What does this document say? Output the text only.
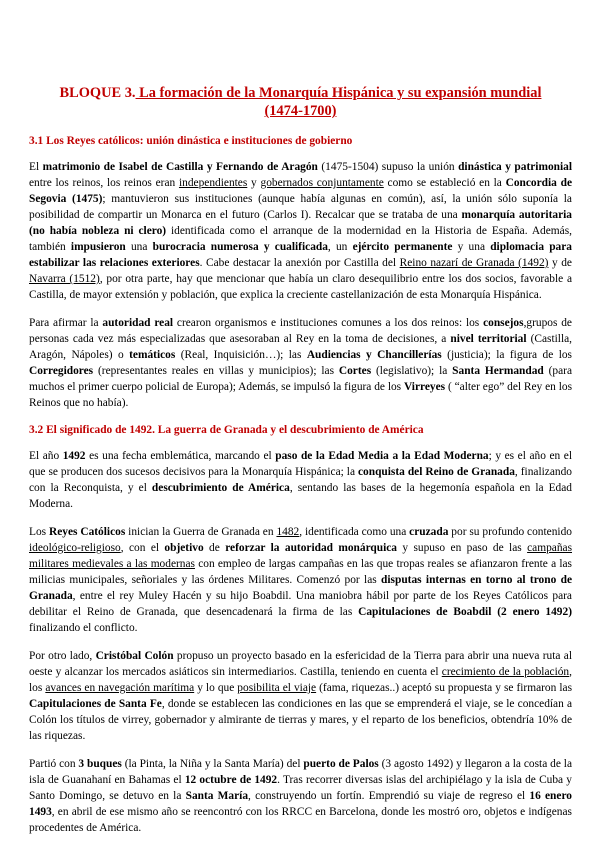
BLOQUE 3. La formación de la Monarquía Hispánica y su expansión mundial
(1474-1700)
3.1 Los Reyes católicos: unión dinástica e instituciones de gobierno

El matrimonio de Isabel de Castilla y Fernando de Aragón (1475-1504) supuso la unión dinástica y patrimonial entre los reinos, los reinos eran independientes y gobernados conjuntamente como se estableció en la Concordia de Segovia (1475); mantuvieron sus instituciones (aunque había algunas en común), así, la unión sólo suponía la posibilidad de compartir un Monarca en el futuro (Carlos I). Recalcar que se trataba de una monarquía autoritaria (no había nobleza ni clero) identificada como el arranque de la modernidad en la Historia de España. Además, también impusieron una burocracia numerosa y cualificada, un ejército permanente y una diplomacia para estabilizar las relaciones exteriores. Cabe destacar la anexión por Castilla del Reino nazarí de Granada (1492) y de Navarra (1512), por otra parte, hay que mencionar que había un claro desequilibrio entre los dos socios, favorable a Castilla, de mayor extensión y población, que explica la creciente castellanización de esta Monarquía Hispánica.

Para afirmar la autoridad real crearon organismos e instituciones comunes a los dos reinos: los consejos,grupos de personas cada vez más especializadas que asesoraban al Rey en la toma de decisiones, a nivel territorial (Castilla, Aragón, Nápoles) o temáticos (Real, Inquisición…); las Audiencias y Chancillerías (justicia); la figura de los Corregidores (representantes reales en villas y municipios); las Cortes (legislativo); la Santa Hermandad (para muchos el primer cuerpo policial de Europa); Además, se impulsó la figura de los Virreyes ( “alter ego” del Rey en los Reinos que no había).

3.2 El significado de 1492. La guerra de Granada y el descubrimiento de América

El año 1492 es una fecha emblemática, marcando el paso de la Edad Media a la Edad Moderna; y es el año en el que se producen dos sucesos decisivos para la Monarquía Hispánica; la conquista del Reino de Granada, finalizando con la Reconquista, y el descubrimiento de América, sentando las bases de la hegemonía española en la Edad Moderna.

Los Reyes Católicos inician la Guerra de Granada en 1482, identificada como una cruzada por su profundo contenido ideológico-religioso, con el objetivo de reforzar la autoridad monárquica y supuso en paso de las campañas militares medievales a las modernas con empleo de largas campañas en las que tropas reales se afianzaron frente a las milicias municipales, señoriales y las órdenes Militares. Comenzó por las disputas internas en torno al trono de Granada, entre el rey Muley Hacén y su hijo Boabdil. Una maniobra hábil por parte de los Reyes Católicos para debilitar el Reino de Granada, que desencadenará la firma de las Capitulaciones de Boabdil (2 enero 1492) finalizando el conflicto.

Por otro lado, Cristóbal Colón propuso un proyecto basado en la esfericidad de la Tierra para abrir una nueva ruta al oeste y alcanzar los mercados asiáticos sin intermediarios. Castilla, teniendo en cuenta el crecimiento de la población, los avances en navegación marítima y lo que posibilita el viaje (fama, riquezas..) aceptó su propuesta y se firmaron las Capitulaciones de Santa Fe, donde se establecen las condiciones en las que se emprenderá el viaje, se le concedían a Colón los títulos de virrey, gobernador y almirante de tierras y mares, y el reparto de los beneficios, obtendría 10% de las riquezas.

Partió con 3 buques (la Pinta, la Niña y la Santa María) del puerto de Palos (3 agosto 1492) y llegaron a la costa de la isla de Guanahaní en Bahamas el 12 octubre de 1492. Tras recorrer diversas islas del archipiélago y la isla de Cuba y Santo Domingo, se detuvo en la Santa María, construyendo un fortín. Emprendió su viaje de regreso el 16 enero 1493, en abril de ese mismo año se reencontró con los RRCC en Barcelona, donde les mostró oro, objetos e indígenas procedentes de América.
